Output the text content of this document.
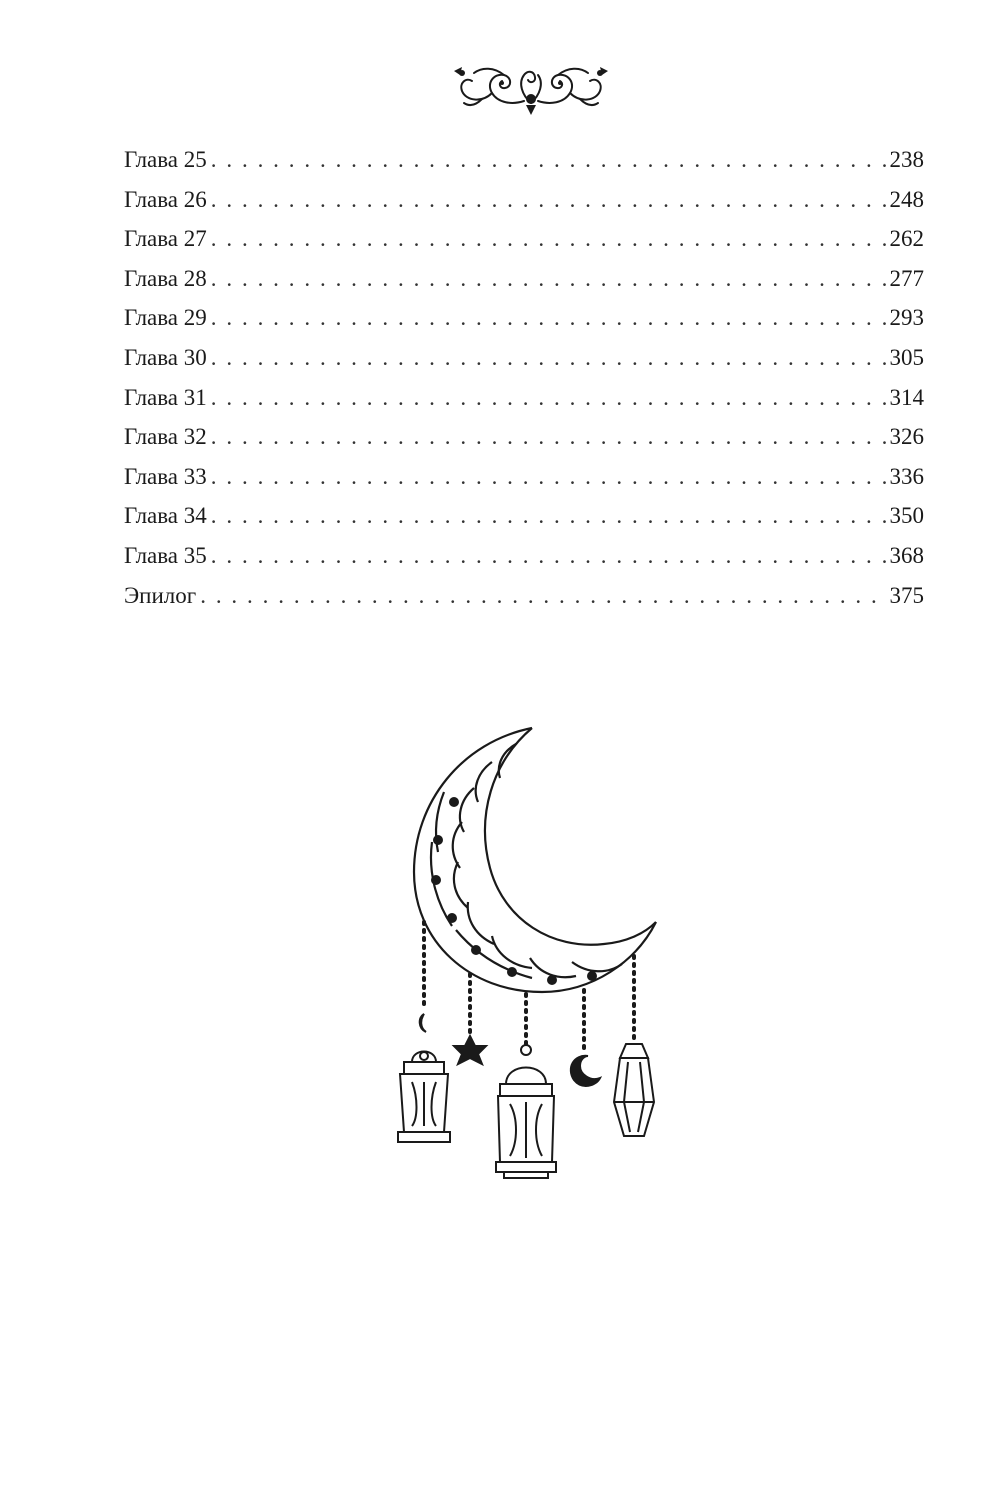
Глава 25 . . .	238
Глава 26 . . .	248
Глава 27 . . .	262
Глава 28 . . .	277
Глава 29 . . .	293
Глава 30 . . .	305
Глава 31 . . .	314
Глава 32 . . .	326
Глава 33 . . .	336
Глава 34 . . .	350
Глава 35 . . .	368
Эпилог . . .	375
